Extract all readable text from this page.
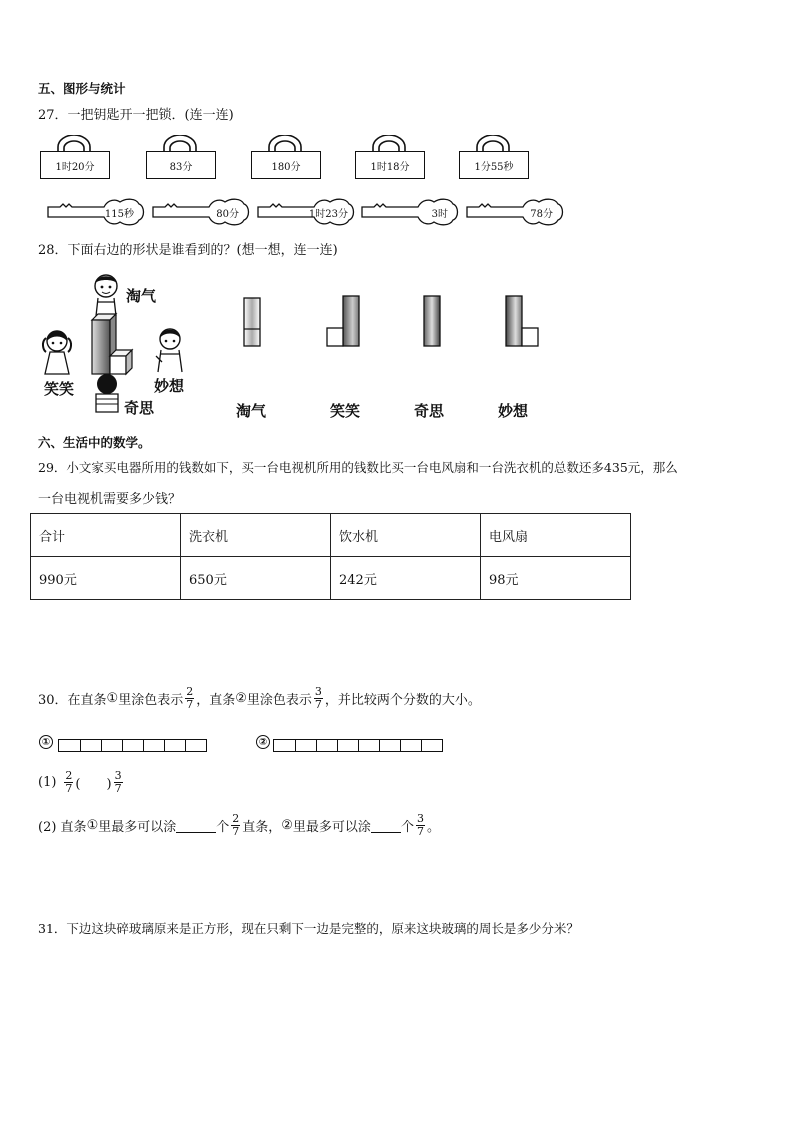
五、图形与统计
27．一把钥匙开一把锁．(连一连)
1时20分	83分	180分	1时18分	1分55秒
115秒	80分	1时23分	3时	78分
28．下面右边的形状是谁看到的？(想一想，连一连)
淘气
笑笑	妙想
奇思	淘气	笑笑	奇思	妙想
六、生活中的数学。
29．小文家买电器所用的钱数如下，买一台电视机所用的钱数比买一台电风扇和一台洗衣机的总数还多435元，那么
一台电视机需要多少钱？
合计	洗衣机	饮水机	电风扇
990元	650元	242元	98元
30．在直条 ① 里涂色表示 $\frac{2}{7}$ ，直条 ② 里涂色表示 $\frac{3}{7}$ ，并比较两个分数的大小。
①	②
$(1) \frac{2}{7}$ (　　) $\frac{3}{7}$
(2) 直条 ① 里最多可以涂	个 $\frac{2}{7}$ 直条， ② 里最多可以涂 个 $\frac{3}{7}$ 。
31．下边这块碎玻璃原来是正方形，现在只剩下一边是完整的，原来这块玻璃的周长是多少分米？
